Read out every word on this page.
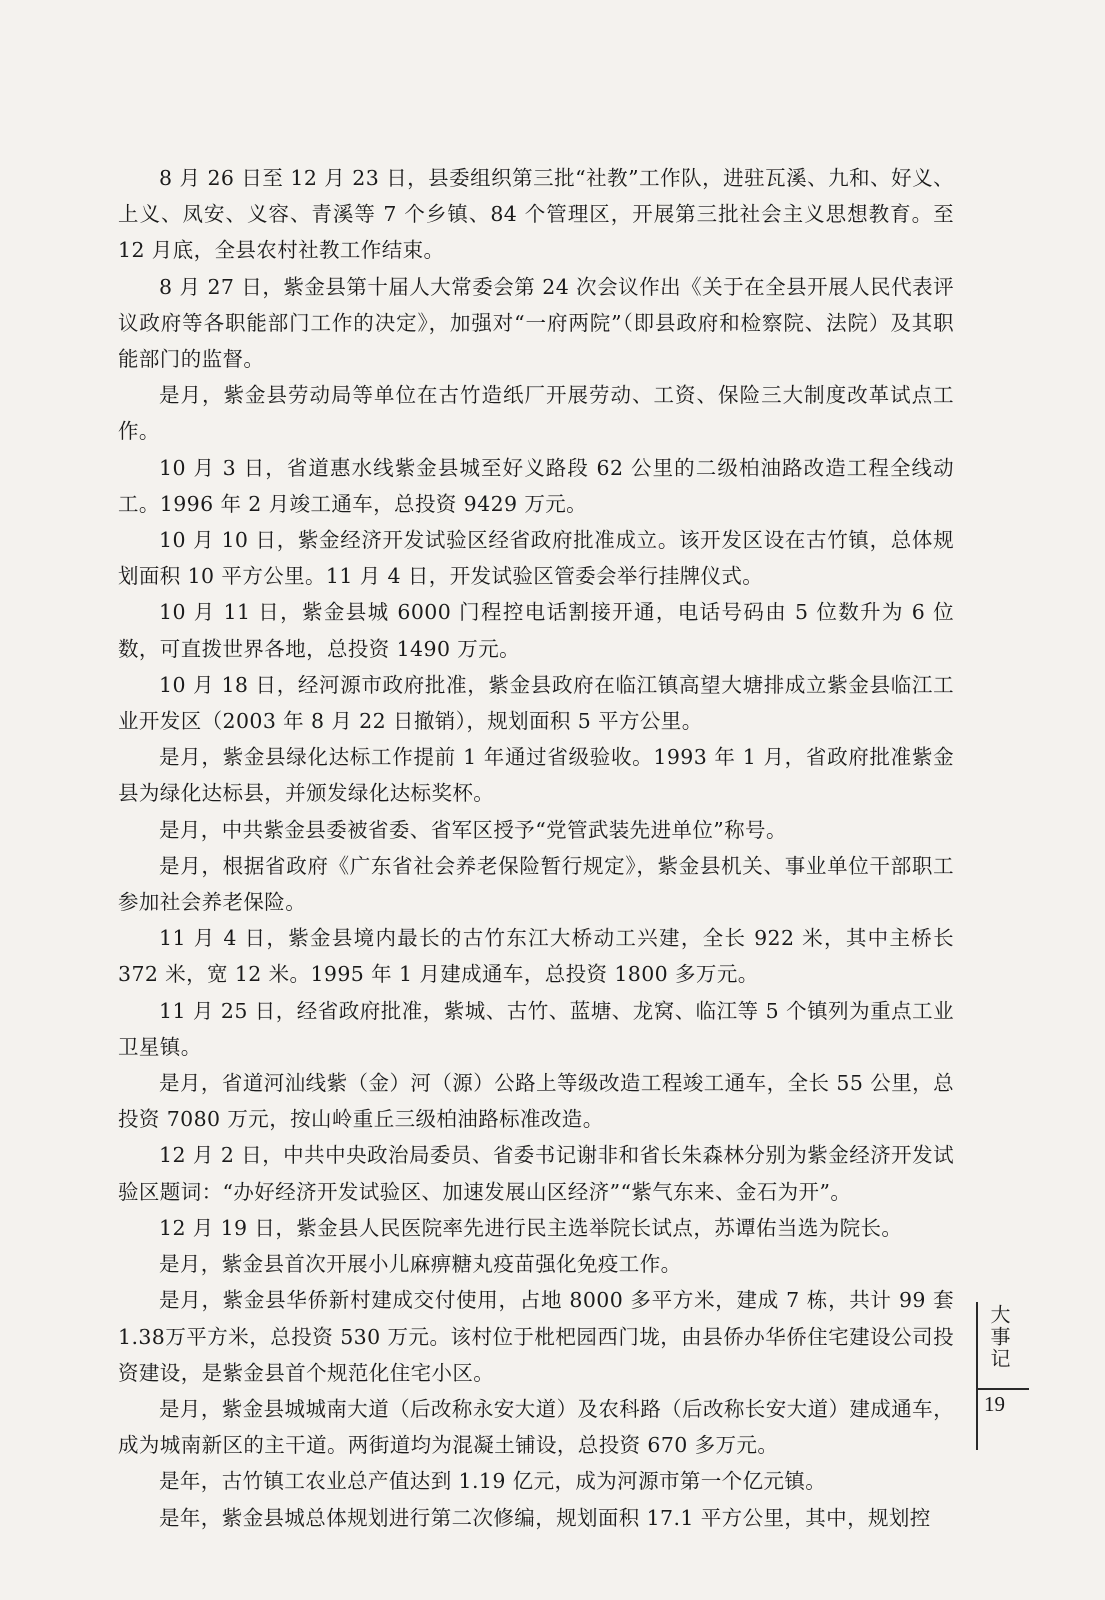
8 月 26 日至 12 月 23 日，县委组织第三批“社教”工作队，进驻瓦溪、九和、好义、上义、凤安、义容、青溪等 7 个乡镇、84 个管理区，开展第三批社会主义思想教育。至 12 月底，全县农村社教工作结束。

8 月 27 日，紫金县第十届人大常委会第 24 次会议作出《关于在全县开展人民代表评议政府等各职能部门工作的决定》，加强对“一府两院”（即县政府和检察院、法院）及其职能部门的监督。

是月，紫金县劳动局等单位在古竹造纸厂开展劳动、工资、保险三大制度改革试点工作。

10 月 3 日，省道惠水线紫金县城至好义路段 62 公里的二级柏油路改造工程全线动工。1996 年 2 月竣工通车，总投资 9429 万元。

10 月 10 日，紫金经济开发试验区经省政府批准成立。该开发区设在古竹镇，总体规划面积 10 平方公里。11 月 4 日，开发试验区管委会举行挂牌仪式。

10 月 11 日，紫金县城 6000 门程控电话割接开通，电话号码由 5 位数升为 6 位数，可直拨世界各地，总投资 1490 万元。

10 月 18 日，经河源市政府批准，紫金县政府在临江镇高望大塘排成立紫金县临江工业开发区（2003 年 8 月 22 日撤销），规划面积 5 平方公里。

是月，紫金县绿化达标工作提前 1 年通过省级验收。1993 年 1 月，省政府批准紫金县为绿化达标县，并颁发绿化达标奖杯。

是月，中共紫金县委被省委、省军区授予“党管武装先进单位”称号。

是月，根据省政府《广东省社会养老保险暂行规定》，紫金县机关、事业单位干部职工参加社会养老保险。

11 月 4 日，紫金县境内最长的古竹东江大桥动工兴建，全长 922 米，其中主桥长 372 米，宽 12 米。1995 年 1 月建成通车，总投资 1800 多万元。

11 月 25 日，经省政府批准，紫城、古竹、蓝塘、龙窝、临江等 5 个镇列为重点工业卫星镇。

是月，省道河汕线紫（金）河（源）公路上等级改造工程竣工通车，全长 55 公里，总投资 7080 万元，按山岭重丘三级柏油路标准改造。

12 月 2 日，中共中央政治局委员、省委书记谢非和省长朱森林分别为紫金经济开发试验区题词：“办好经济开发试验区、加速发展山区经济”“紫气东来、金石为开”。

12 月 19 日，紫金县人民医院率先进行民主选举院长试点，苏谭佑当选为院长。

是月，紫金县首次开展小儿麻痹糖丸疫苗强化免疫工作。

是月，紫金县华侨新村建成交付使用，占地 8000 多平方米，建成 7 栋，共计 99 套 1.38万平方米，总投资 530 万元。该村位于枇杷园西门垅，由县侨办华侨住宅建设公司投资建设，是紫金县首个规范化住宅小区。

是月，紫金县城城南大道（后改称永安大道）及农科路（后改称长安大道）建成通车，成为城南新区的主干道。两街道均为混凝土铺设，总投资 670 多万元。

是年，古竹镇工农业总产值达到 1.19 亿元，成为河源市第一个亿元镇。

是年，紫金县城总体规划进行第二次修编，规划面积 17.1 平方公里，其中，规划控

大事记
19
